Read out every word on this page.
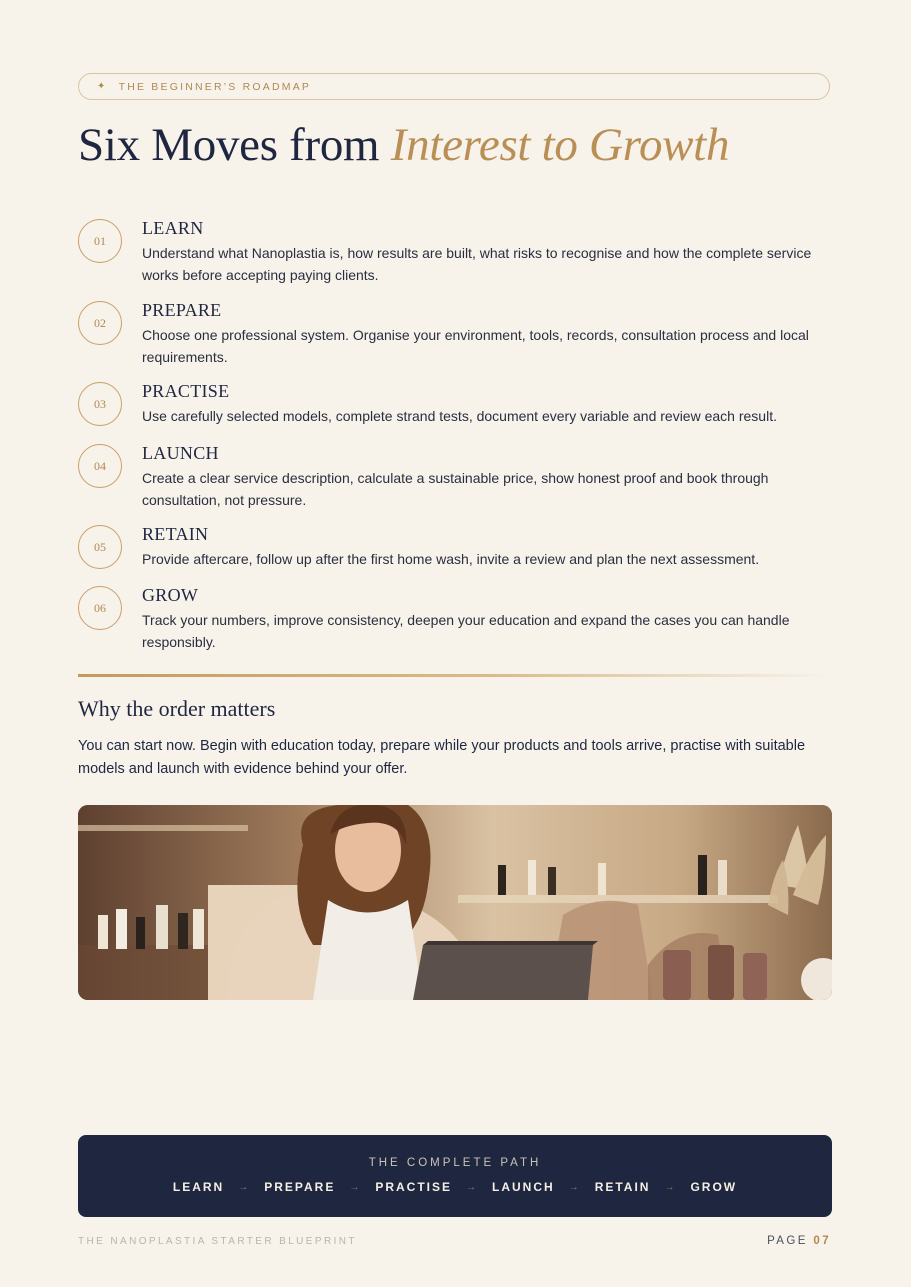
✦ THE BEGINNER’S ROADMAP
Six Moves from Interest to Growth
01
LEARN
Understand what Nanoplastia is, how results are built, what risks to recognise and how the complete service works before accepting paying clients.
02
PREPARE
Choose one professional system. Organise your environment, tools, records, consultation process and local requirements.
03
PRACTISE
Use carefully selected models, complete strand tests, document every variable and review each result.
04
LAUNCH
Create a clear service description, calculate a sustainable price, show honest proof and book through consultation, not pressure.
05
RETAIN
Provide aftercare, follow up after the first home wash, invite a review and plan the next assessment.
06
GROW
Track your numbers, improve consistency, deepen your education and expand the cases you can handle responsibly.
Why the order matters
You can start now. Begin with education today, prepare while your products and tools arrive, practise with suitable models and launch with evidence behind your offer.
THE COMPLETE PATH
LEARN → PREPARE → PRACTISE → LAUNCH → RETAIN → GROW
THE NANOPLASTIA STARTER BLUEPRINT	PAGE 07
